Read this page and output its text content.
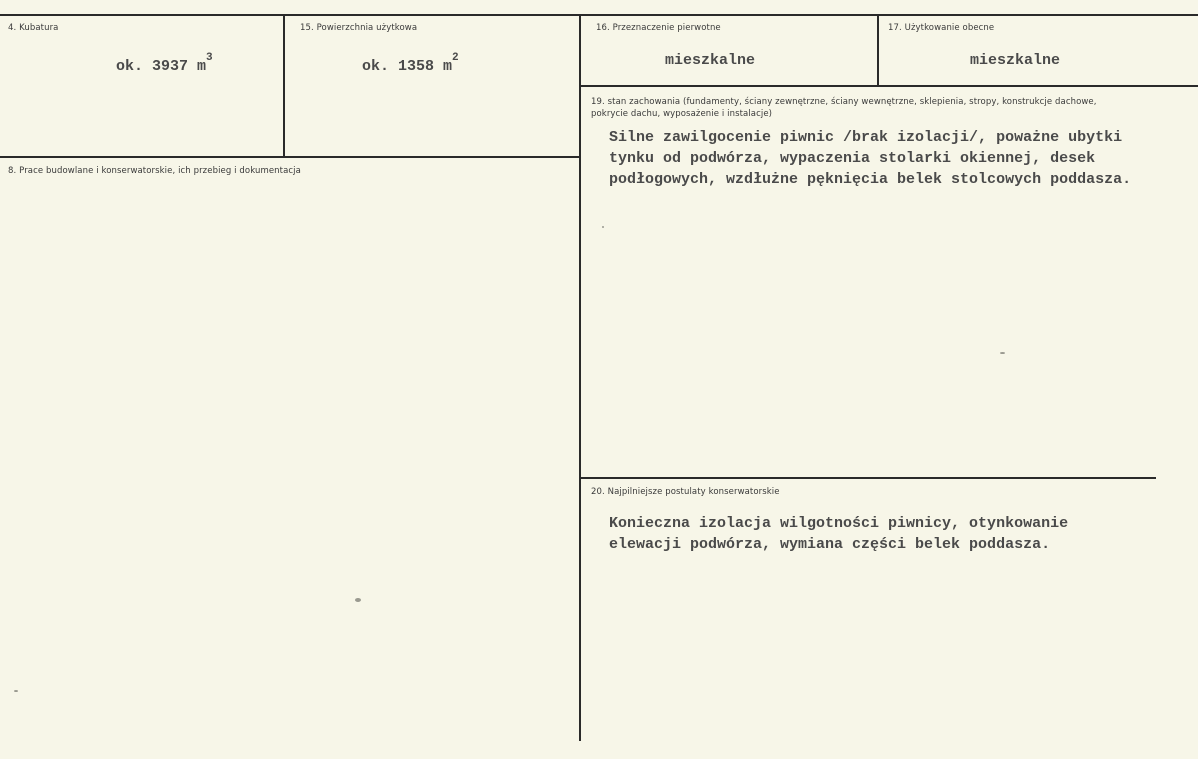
4. Kubatura
ok. 3937 $m^3$
15. Powierzchnia użytkowa
ok. 1358 $m^2$
16. Przeznaczenie pierwotne
mieszkalne
17. Użytkowanie obecne
mieszkalne
19. stan zachowania (fundamenty, ściany zewnętrzne, ściany wewnętrzne, sklepienia, stropy, konstrukcje dachowe, pokrycie dachu, wyposażenie i instalacje)
Silne zawilgocenie piwnic /brak izolacji/, poważne ubytki tynku od podwórza, wypaczenia stolarki okiennej, desek podłogowych, wzdłużne pęknięcia belek stolcowych poddasza.
8. Prace budowlane i konserwatorskie, ich przebieg i dokumentacja
20. Najpilniejsze postulaty konserwatorskie
Konieczna izolacja wilgotności piwnicy, otynkowanie elewacji podwórza, wymiana części belek poddasza.
